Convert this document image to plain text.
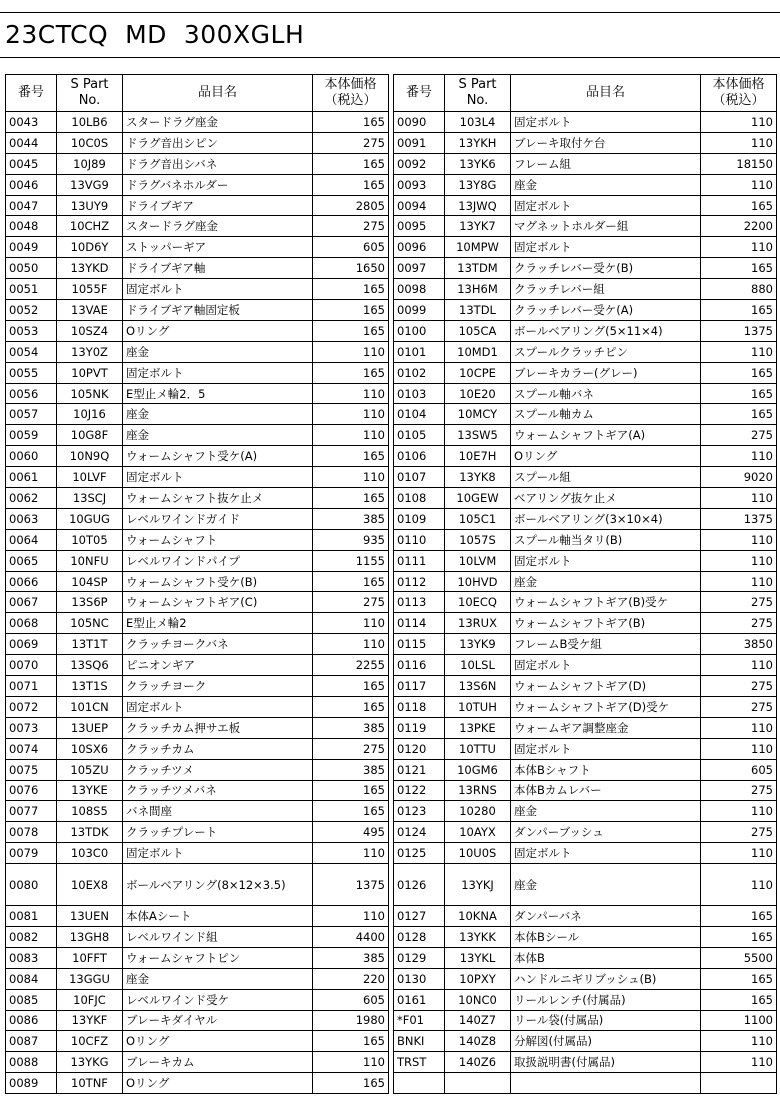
23CTCQ  MD  300XGLH
番号	S Part
No.	品目名	本体価格
（税込）
0043	10LB6	スタードラグ座金	165
0044	10C0S	ドラグ音出シピン	275
0045	10J89	ドラグ音出シバネ	165
0046	13VG9	ドラグバネホルダー	165
0047	13UY9	ドライブギア	2805
0048	10CHZ	スタードラグ座金	275
0049	10D6Y	ストッパーギア	605
0050	13YKD	ドライブギア軸	1650
0051	1055F	固定ボルト	165
0052	13VAE	ドライブギア軸固定板	165
0053	10SZ4	Oリング	165
0054	13Y0Z	座金	110
0055	10PVT	固定ボルト	165
0056	105NK	E型止メ輪2．5	110
0057	10J16	座金	110
0059	10G8F	座金	110
0060	10N9Q	ウォームシャフト受ケ(A)	165
0061	10LVF	固定ボルト	110
0062	13SCJ	ウォームシャフト抜ケ止メ	165
0063	10GUG	レベルワインドガイド	385
0064	10T05	ウォームシャフト	935
0065	10NFU	レベルワインドパイプ	1155
0066	104SP	ウォームシャフト受ケ(B)	165
0067	13S6P	ウォームシャフトギア(C)	275
0068	105NC	E型止メ輪2	110
0069	13T1T	クラッチヨークバネ	110
0070	13SQ6	ピニオンギア	2255
0071	13T1S	クラッチヨーク	165
0072	101CN	固定ボルト	165
0073	13UEP	クラッチカム押サエ板	385
0074	10SX6	クラッチカム	275
0075	105ZU	クラッチツメ	385
0076	13YKE	クラッチツメバネ	165
0077	108S5	バネ間座	165
0078	13TDK	クラッチプレート	495
0079	103C0	固定ボルト	110
0080	10EX8	ボールベアリング(8×12×3.5)	1375
0081	13UEN	本体Aシート	110
0082	13GH8	レベルワインド組	4400
0083	10FFT	ウォームシャフトピン	385
0084	13GGU	座金	220
0085	10FJC	レベルワインド受ケ	605
0086	13YKF	ブレーキダイヤル	1980
0087	10CFZ	Oリング	165
0088	13YKG	ブレーキカム	110
0089	10TNF	Oリング	165
番号	S Part
No.	品目名	本体価格
（税込）
0090	103L4	固定ボルト	110
0091	13YKH	ブレーキ取付ケ台	110
0092	13YK6	フレーム組	18150
0093	13Y8G	座金	110
0094	13JWQ	固定ボルト	165
0095	13YK7	マグネットホルダー組	2200
0096	10MPW	固定ボルト	110
0097	13TDM	クラッチレバー受ケ(B)	165
0098	13H6M	クラッチレバー組	880
0099	13TDL	クラッチレバー受ケ(A)	165
0100	105CA	ボールベアリング(5×11×4)	1375
0101	10MD1	スプールクラッチピン	110
0102	10CPE	ブレーキカラー(グレー)	165
0103	10E20	スプール軸バネ	165
0104	10MCY	スプール軸カム	165
0105	13SW5	ウォームシャフトギア(A)	275
0106	10E7H	Oリング	110
0107	13YK8	スプール組	9020
0108	10GEW	ベアリング抜ケ止メ	110
0109	105C1	ボールベアリング(3×10×4)	1375
0110	1057S	スプール軸当タリ(B)	110
0111	10LVM	固定ボルト	110
0112	10HVD	座金	110
0113	10ECQ	ウォームシャフトギア(B)受ケ	275
0114	13RUX	ウォームシャフトギア(B)	275
0115	13YK9	フレームB受ケ組	3850
0116	10LSL	固定ボルト	110
0117	13S6N	ウォームシャフトギア(D)	275
0118	10TUH	ウォームシャフトギア(D)受ケ	275
0119	13PKE	ウォームギア調整座金	110
0120	10TTU	固定ボルト	110
0121	10GM6	本体Bシャフト	605
0122	13RNS	本体Bカムレバー	275
0123	10280	座金	110
0124	10AYX	ダンパーブッシュ	275
0125	10U0S	固定ボルト	110
0126	13YKJ	座金	110
0127	10KNA	ダンパーバネ	165
0128	13YKK	本体Bシール	165
0129	13YKL	本体B	5500
0130	10PXY	ハンドルニギリブッシュ(B)	165
0161	10NC0	リールレンチ(付属品)	165
*F01	140Z7	リール袋(付属品)	1100
BNKI	140Z8	分解図(付属品)	110
TRST	140Z6	取扱説明書(付属品)	110
